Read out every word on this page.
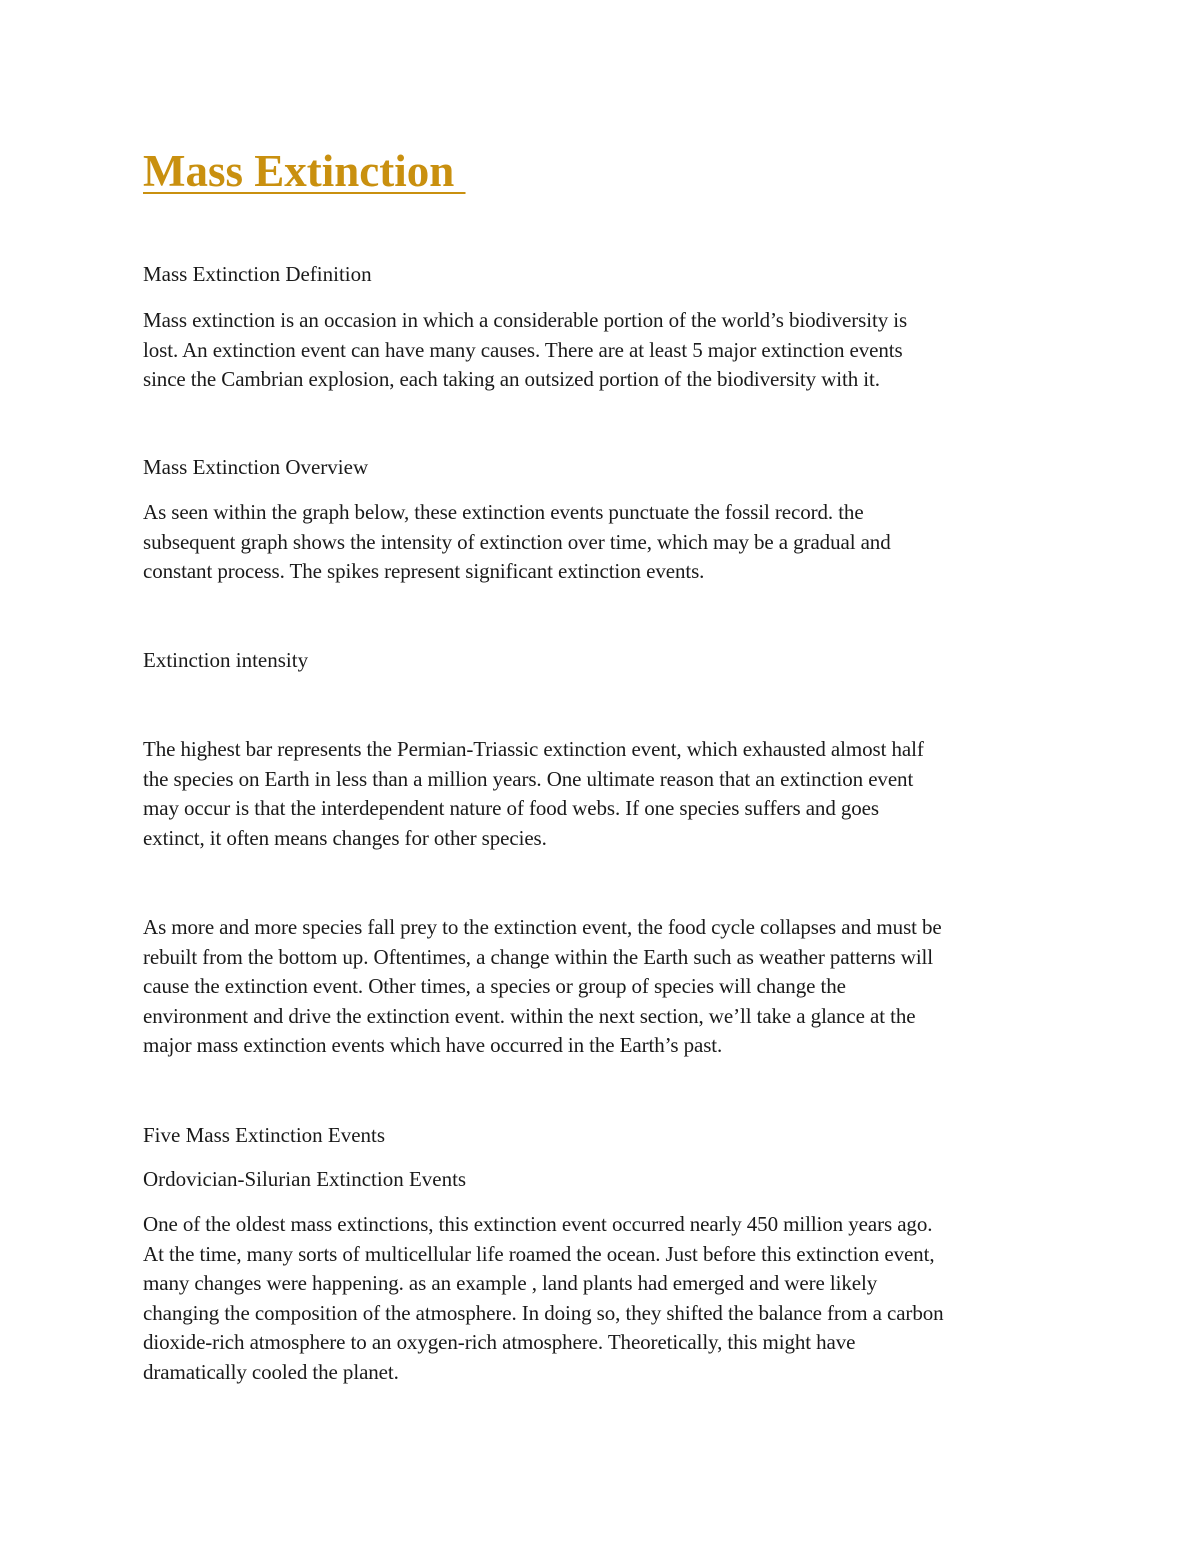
Mass Extinction

Mass Extinction Definition

Mass extinction is an occasion in which a considerable portion of the world’s biodiversity is
lost. An extinction event can have many causes. There are at least 5 major extinction events
since the Cambrian explosion, each taking an outsized portion of the biodiversity with it.

Mass Extinction Overview

As seen within the graph below, these extinction events punctuate the fossil record. the
subsequent graph shows the intensity of extinction over time, which may be a gradual and
constant process. The spikes represent significant extinction events.

Extinction intensity

The highest bar represents the Permian-Triassic extinction event, which exhausted almost half
the species on Earth in less than a million years. One ultimate reason that an extinction event
may occur is that the interdependent nature of food webs. If one species suffers and goes
extinct, it often means changes for other species.

As more and more species fall prey to the extinction event, the food cycle collapses and must be
rebuilt from the bottom up. Oftentimes, a change within the Earth such as weather patterns will
cause the extinction event. Other times, a species or group of species will change the
environment and drive the extinction event. within the next section, we’ll take a glance at the
major mass extinction events which have occurred in the Earth’s past.

Five Mass Extinction Events

Ordovician-Silurian Extinction Events

One of the oldest mass extinctions, this extinction event occurred nearly 450 million years ago.
At the time, many sorts of multicellular life roamed the ocean. Just before this extinction event,
many changes were happening. as an example , land plants had emerged and were likely
changing the composition of the atmosphere. In doing so, they shifted the balance from a carbon
dioxide-rich atmosphere to an oxygen-rich atmosphere. Theoretically, this might have
dramatically cooled the planet.
